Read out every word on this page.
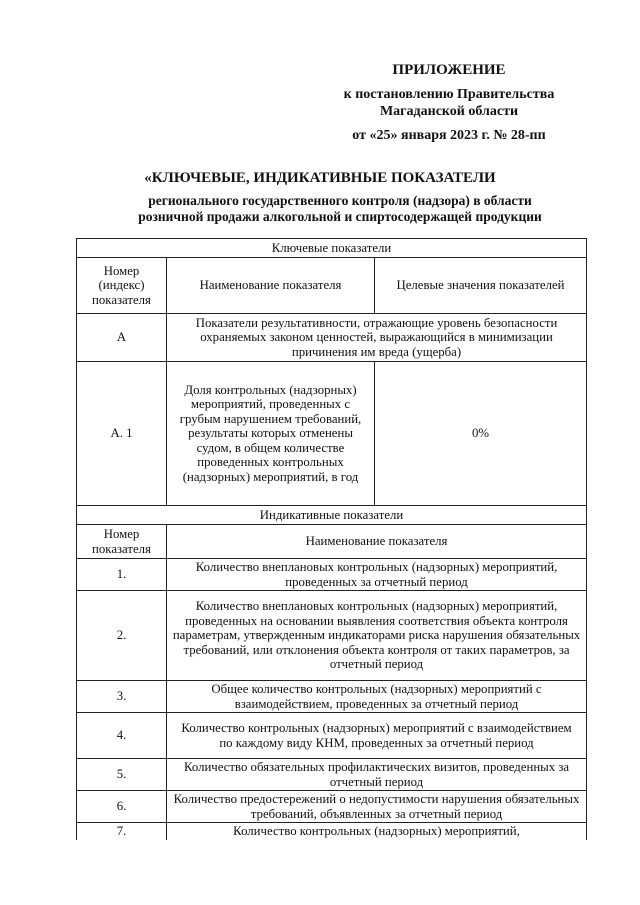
ПРИЛОЖЕНИЕ
к постановлению Правительства
Магаданской области
от «25» января 2023 г. № 28-пп
«КЛЮЧЕВЫЕ, ИНДИКАТИВНЫЕ ПОКАЗАТЕЛИ
регионального государственного контроля (надзора) в области
розничной продажи алкогольной и спиртосодержащей продукции
Ключевые показатели		
Номер (индекс) показателя	Наименование показателя	Целевые значения показателей
А	Показатели результативности, отражающие уровень безопасности охраняемых законом ценностей, выражающийся в минимизации причинения им вреда (ущерба)	
А. 1	Доля контрольных (надзорных) мероприятий, проведенных с грубым нарушением требований, результаты которых отменены судом, в общем количестве проведенных контрольных (надзорных) мероприятий, в год	0%
Индикативные показатели		
Номер показателя	Наименование показателя	
1.	Количество внеплановых контрольных (надзорных) мероприятий, проведенных за отчетный период	
2.	Количество внеплановых контрольных (надзорных) мероприятий, проведенных на основании выявления соответствия объекта контроля параметрам, утвержденным индикаторами риска нарушения обязательных требований, или отклонения объекта контроля от таких параметров, за отчетный период	
3.	Общее количество контрольных (надзорных) мероприятий с взаимодействием, проведенных за отчетный период	
4.	Количество контрольных (надзорных) мероприятий с взаимодействием по каждому виду КНМ, проведенных за отчетный период	
5.	Количество обязательных профилактических визитов, проведенных за отчетный период	
6.	Количество предостережений о недопустимости нарушения обязательных требований, объявленных за отчетный период	
7.	Количество контрольных (надзорных) мероприятий,	
